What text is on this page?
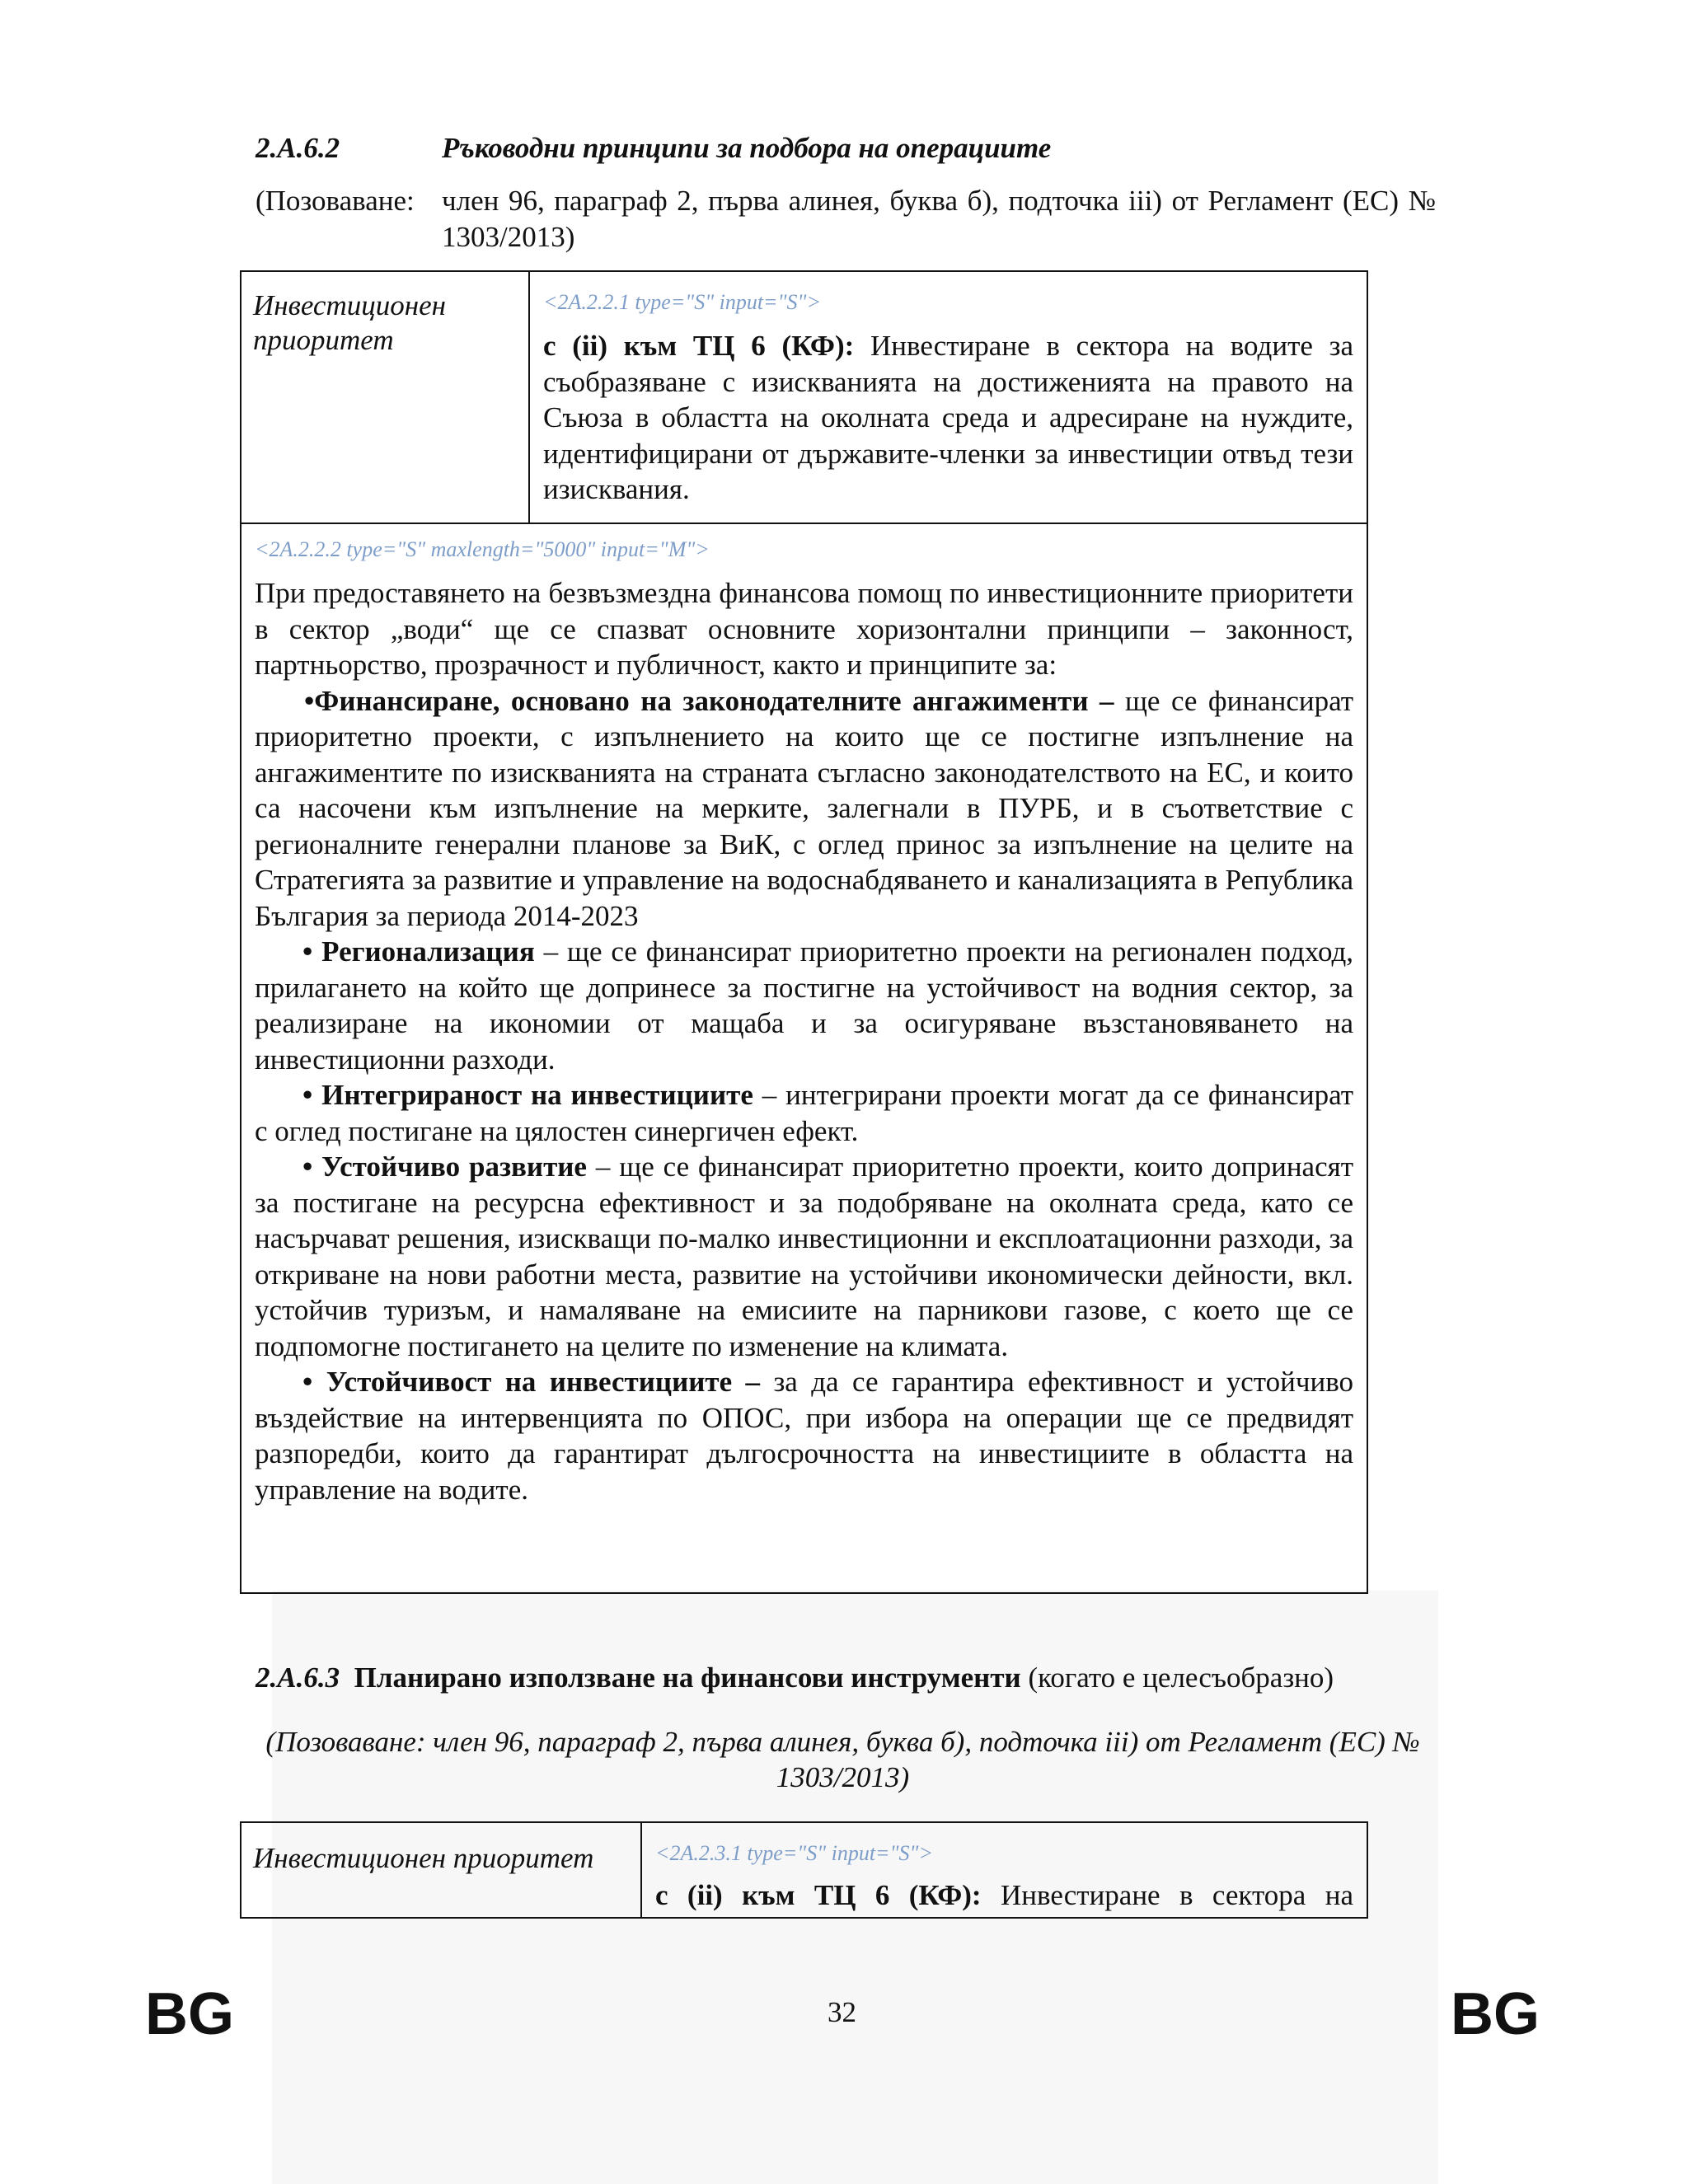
2.A.6.2	Ръководни принципи за подбора на операциите
(Позоваване: член 96, параграф 2, първа алинея, буква б), подточка iii) от Регламент (ЕС) № 1303/2013)
Инвестиционен приоритет
<2A.2.2.1 type="S" input="S">

с (ii) към ТЦ 6 (КФ): Инвестиране в сектора на водите за съобразяване с изискванията на достиженията на правото на Съюза в областта на околната среда и адресиране на нуждите, идентифицирани от държавите-членки за инвестиции отвъд тези изисквания.

<2A.2.2.2 type="S" maxlength="5000" input="M">

При предоставянето на безвъзмездна финансова помощ по инвестиционните приоритети в сектор „води“ ще се спазват основните хоризонтални принципи – законност, партньорство, прозрачност и публичност, както и принципите за:

•Финансиране, основано на законодателните ангажименти – ще се финансират приоритетно проекти, с изпълнението на които ще се постигне изпълнение на ангажиментите по изискванията на страната съгласно законодателството на ЕС, и които са насочени към изпълнение на мерките, залегнали в ПУРБ, и в съответствие с регионалните генерални планове за ВиК, с оглед принос за изпълнение на целите на Стратегията за развитие и управление на водоснабдяването и канализацията в Република България за периода 2014-2023

• Регионализация – ще се финансират приоритетно проекти на регионален подход, прилагането на който ще допринесе за постигне на устойчивост на водния сектор, за реализиране на икономии от мащаба и за осигуряване възстановяването на инвестиционни разходи.

• Интегрираност на инвестициите – интегрирани проекти могат да се финансират с оглед постигане на цялостен синергичен ефект.

• Устойчиво развитие – ще се финансират приоритетно проекти, които допринасят за постигане на ресурсна ефективност и за подобряване на околната среда, като се насърчават решения, изискващи по-малко инвестиционни и експлоатационни разходи, за откриване на нови работни места, развитие на устойчиви икономически дейности, вкл. устойчив туризъм, и намаляване на емисиите на парникови газове, с което ще се подпомогне постигането на целите по изменение на климата.

• Устойчивост на инвестициите – за да се гарантира ефективност и устойчиво въздействие на интервенцията по ОПОС, при избора на операции ще се предвидят разпоредби, които да гарантират дългосрочността на инвестициите в областта на управление на водите.

2.A.6.3 Планирано използване на финансови инструменти (когато е целесъобразно)
(Позоваване: член 96, параграф 2, първа алинея, буква б), подточка iii) от Регламент (ЕС) № 1303/2013)
Инвестиционен приоритет	<2A.2.3.1 type="S" input="S">

с (ii) към ТЦ 6 (КФ): Инвестиране в сектора на

BG	32	BG
